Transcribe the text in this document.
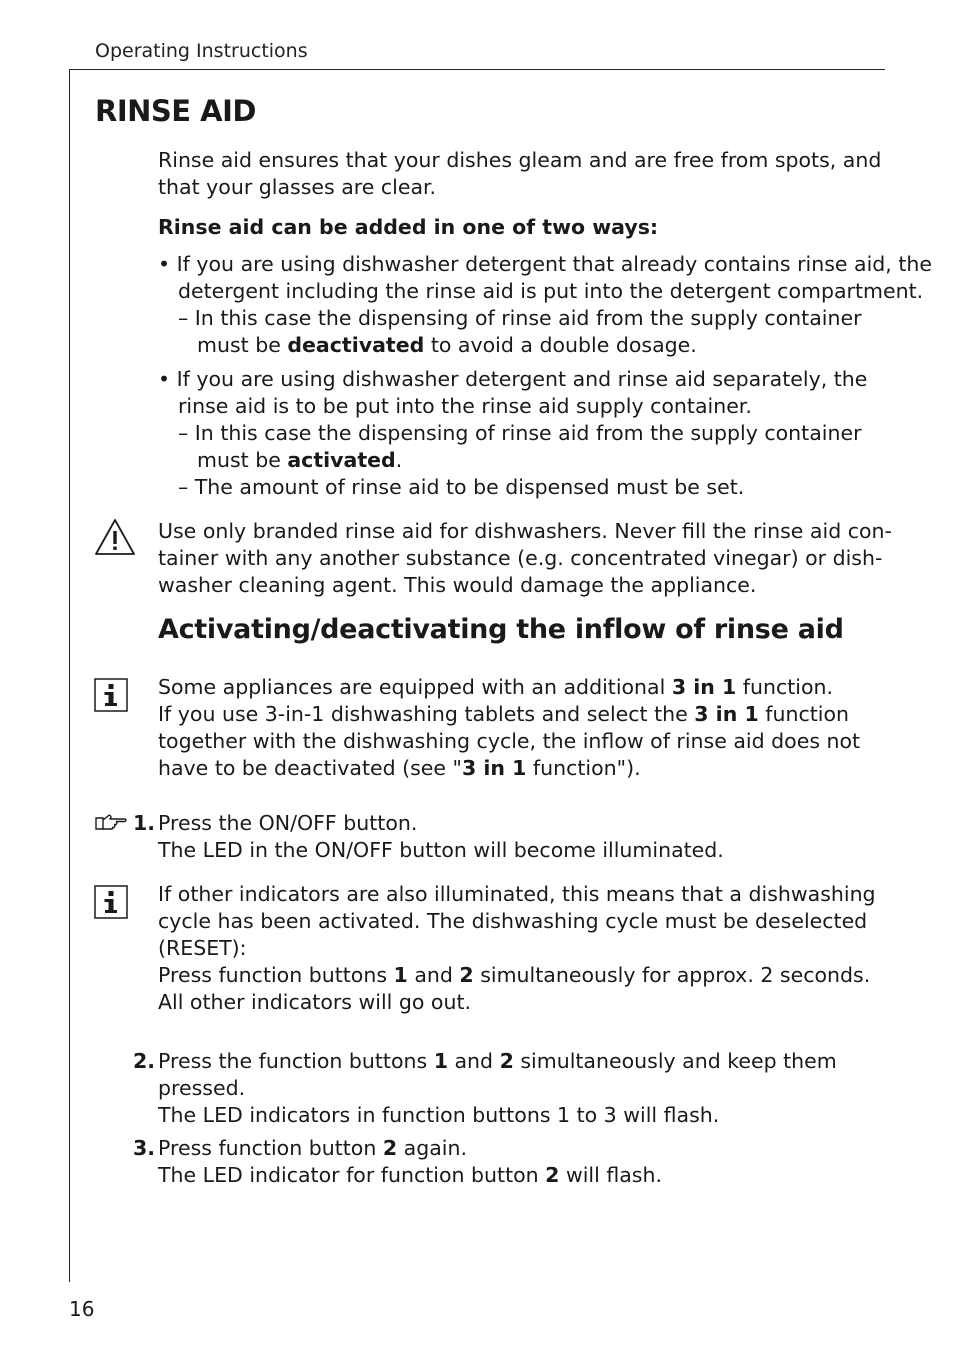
Operating Instructions
RINSE AID
Rinse aid ensures that your dishes gleam and are free from spots, and
that your glasses are clear.
Rinse aid can be added in one of two ways:
• If you are using dishwasher detergent that already contains rinse aid, the
detergent including the rinse aid is put into the detergent compartment.
– In this case the dispensing of rinse aid from the supply container
must be deactivated to avoid a double dosage.
• If you are using dishwasher detergent and rinse aid separately, the
rinse aid is to be put into the rinse aid supply container.
– In this case the dispensing of rinse aid from the supply container
must be activated.
– The amount of rinse aid to be dispensed must be set.
Use only branded rinse aid for dishwashers. Never fill the rinse aid con-
tainer with any another substance (e.g. concentrated vinegar) or dish-
washer cleaning agent. This would damage the appliance.
Activating/deactivating the inflow of rinse aid
Some appliances are equipped with an additional 3 in 1 function.
If you use 3-in-1 dishwashing tablets and select the 3 in 1 function
together with the dishwashing cycle, the inflow of rinse aid does not
have to be deactivated (see "3 in 1 function").
1. Press the ON/OFF button.
The LED in the ON/OFF button will become illuminated.
If other indicators are also illuminated, this means that a dishwashing
cycle has been activated. The dishwashing cycle must be deselected
(RESET):
Press function buttons 1 and 2 simultaneously for approx. 2 seconds.
All other indicators will go out.
2. Press the function buttons 1 and 2 simultaneously and keep them
pressed.
The LED indicators in function buttons 1 to 3 will flash.
3. Press function button 2 again.
The LED indicator for function button 2 will flash.
16
